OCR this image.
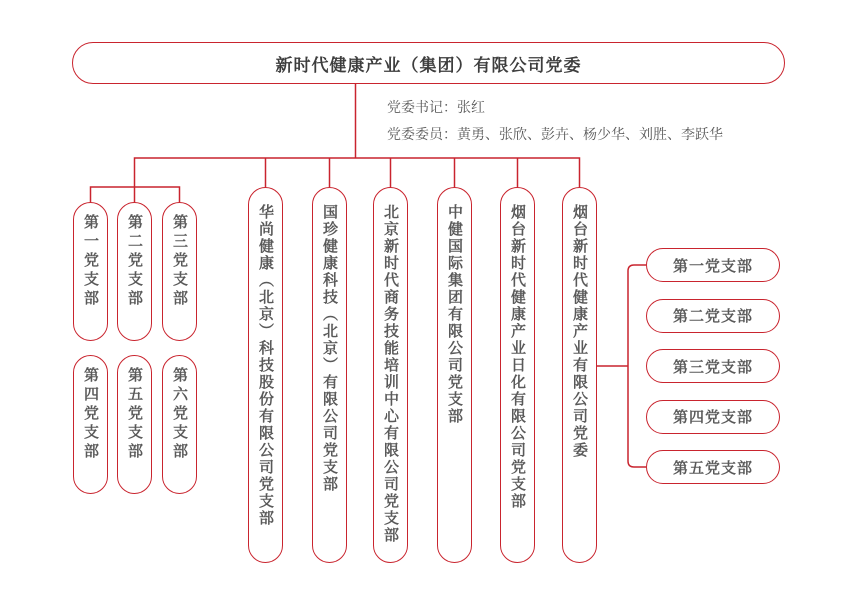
新时代健康产业（集团）有限公司党委
党委书记：张红
党委委员：黄勇、张欣、彭卉、杨少华、刘胜、李跃华
第一党支部 第二党支部 第三党支部
第四党支部 第五党支部 第六党支部	华尚健康（北京）科技股份有限公司党支部	国珍健康科技（北京）有限公司党支部	北京新时代商务技能培训中心有限公司党支部	中健国际集团有限公司党支部	烟台新时代健康产业日化有限公司党支部	烟台新时代健康产业有限公司党委	第一党支部
第二党支部
第三党支部
第四党支部
第五党支部
